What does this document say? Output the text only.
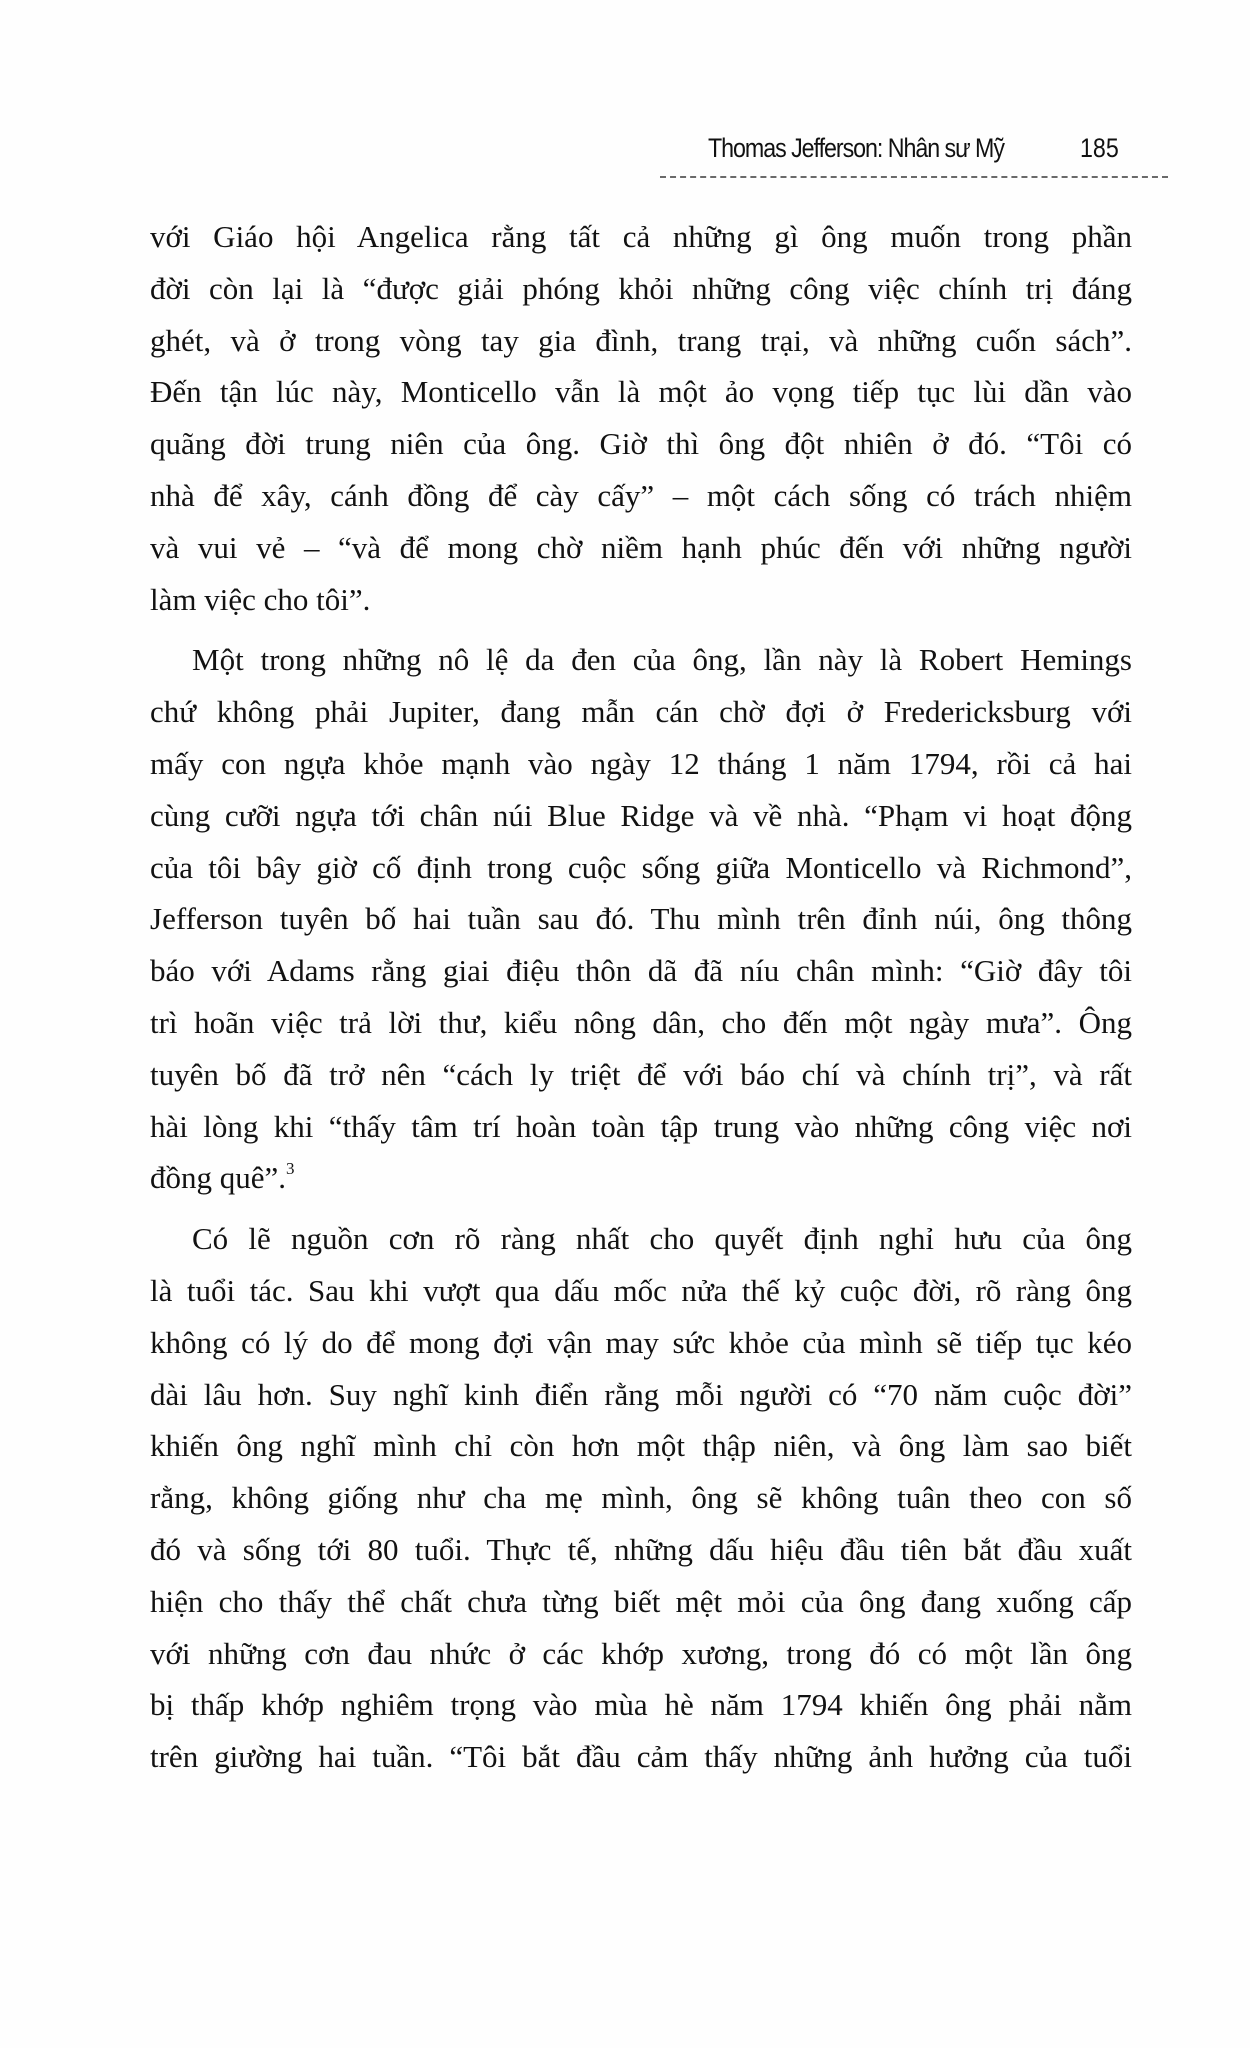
Thomas Jefferson: Nhân sư Mỹ	185

với Giáo hội Angelica rằng tất cả những gì ông muốn trong phần
đời còn lại là “được giải phóng khỏi những công việc chính trị đáng
ghét, và ở trong vòng tay gia đình, trang trại, và những cuốn sách”.
Đến tận lúc này, Monticello vẫn là một ảo vọng tiếp tục lùi dần vào
quãng đời trung niên của ông. Giờ thì ông đột nhiên ở đó. “Tôi có
nhà để xây, cánh đồng để cày cấy” – một cách sống có trách nhiệm
và vui vẻ – “và để mong chờ niềm hạnh phúc đến với những người
làm việc cho tôi”.

Một trong những nô lệ da đen của ông, lần này là Robert Hemings
chứ không phải Jupiter, đang mẫn cán chờ đợi ở Fredericksburg với
mấy con ngựa khỏe mạnh vào ngày 12 tháng 1 năm 1794, rồi cả hai
cùng cưỡi ngựa tới chân núi Blue Ridge và về nhà. “Phạm vi hoạt động
của tôi bây giờ cố định trong cuộc sống giữa Monticello và Richmond”,
Jefferson tuyên bố hai tuần sau đó. Thu mình trên đỉnh núi, ông thông
báo với Adams rằng giai điệu thôn dã đã níu chân mình: “Giờ đây tôi
trì hoãn việc trả lời thư, kiểu nông dân, cho đến một ngày mưa”. Ông
tuyên bố đã trở nên “cách ly triệt để với báo chí và chính trị”, và rất
hài lòng khi “thấy tâm trí hoàn toàn tập trung vào những công việc nơi
đồng quê”.$^3$

Có lẽ nguồn cơn rõ ràng nhất cho quyết định nghỉ hưu của ông
là tuổi tác. Sau khi vượt qua dấu mốc nửa thế kỷ cuộc đời, rõ ràng ông
không có lý do để mong đợi vận may sức khỏe của mình sẽ tiếp tục kéo
dài lâu hơn. Suy nghĩ kinh điển rằng mỗi người có “70 năm cuộc đời”
khiến ông nghĩ mình chỉ còn hơn một thập niên, và ông làm sao biết
rằng, không giống như cha mẹ mình, ông sẽ không tuân theo con số
đó và sống tới 80 tuổi. Thực tế, những dấu hiệu đầu tiên bắt đầu xuất
hiện cho thấy thể chất chưa từng biết mệt mỏi của ông đang xuống cấp
với những cơn đau nhức ở các khớp xương, trong đó có một lần ông
bị thấp khớp nghiêm trọng vào mùa hè năm 1794 khiến ông phải nằm
trên giường hai tuần. “Tôi bắt đầu cảm thấy những ảnh hưởng của tuổi
